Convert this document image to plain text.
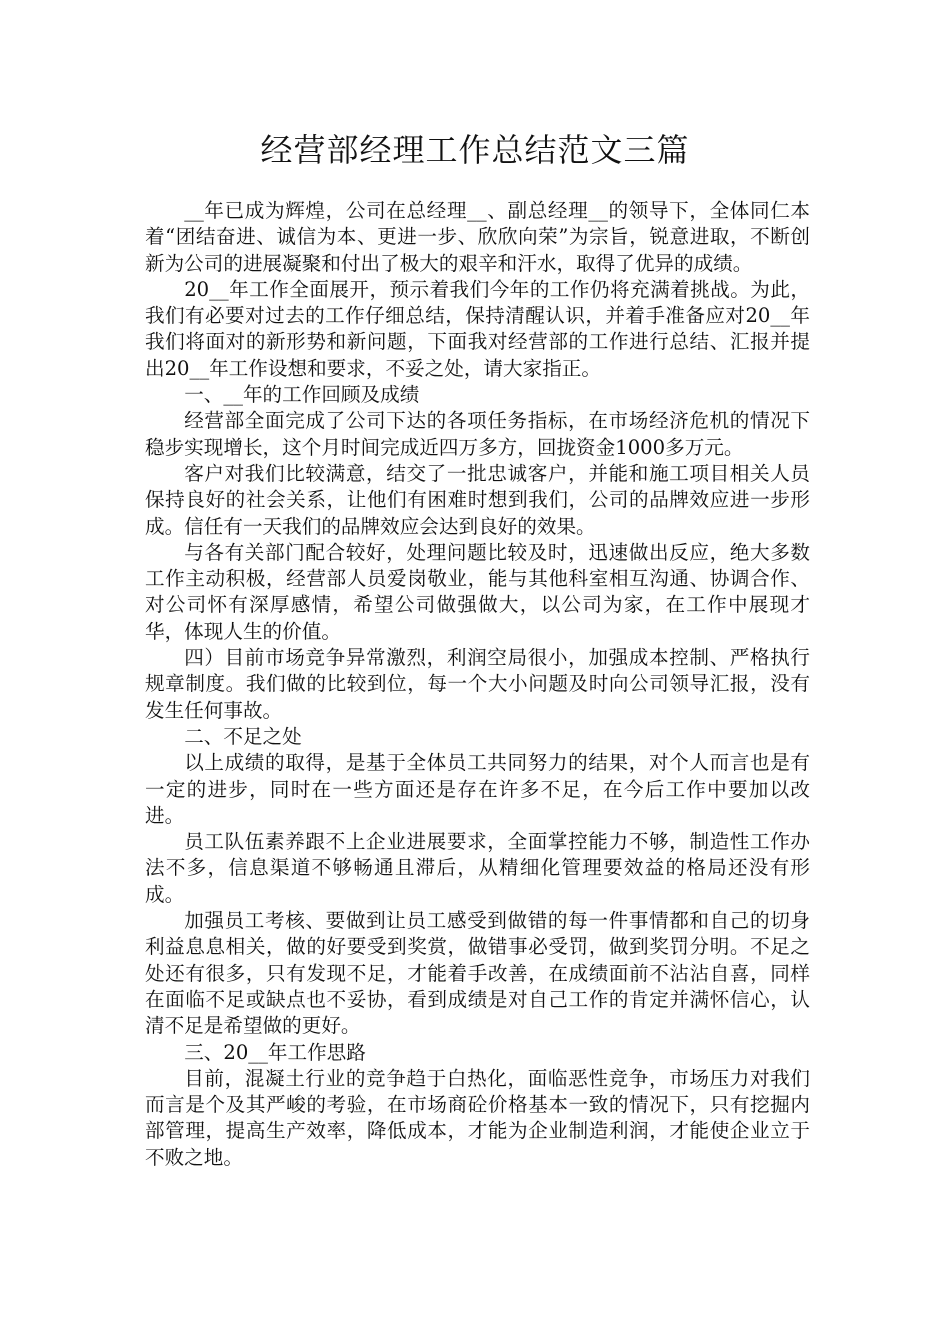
经营部经理工作总结范文三篇

__年已成为辉煌，公司在总经理__、副总经理__的领导下，全体同仁本着“团结奋进、诚信为本、更进一步、欣欣向荣”为宗旨，锐意进取，不断创新为公司的进展凝聚和付出了极大的艰辛和汗水，取得了优异的成绩。

20__年工作全面展开，预示着我们今年的工作仍将充满着挑战。为此，我们有必要对过去的工作仔细总结，保持清醒认识，并着手准备应对20__年我们将面对的新形势和新问题，下面我对经营部的工作进行总结、汇报并提出20__年工作设想和要求，不妥之处，请大家指正。

一、__年的工作回顾及成绩

经营部全面完成了公司下达的各项任务指标，在市场经济危机的情况下稳步实现增长，这个月时间完成近四万多方，回拢资金1000多万元。

客户对我们比较满意，结交了一批忠诚客户，并能和施工项目相关人员保持良好的社会关系，让他们有困难时想到我们，公司的品牌效应进一步形成。信任有一天我们的品牌效应会达到良好的效果。

与各有关部门配合较好，处理问题比较及时，迅速做出反应，绝大多数工作主动积极，经营部人员爱岗敬业，能与其他科室相互沟通、协调合作、对公司怀有深厚感情，希望公司做强做大，以公司为家，在工作中展现才华，体现人生的价值。

四）目前市场竞争异常激烈，利润空局很小，加强成本控制、严格执行规章制度。我们做的比较到位，每一个大小问题及时向公司领导汇报，没有发生任何事故。

二、不足之处

以上成绩的取得，是基于全体员工共同努力的结果，对个人而言也是有一定的进步，同时在一些方面还是存在许多不足，在今后工作中要加以改进。

员工队伍素养跟不上企业进展要求，全面掌控能力不够，制造性工作办法不多，信息渠道不够畅通且滞后，从精细化管理要效益的格局还没有形成。

加强员工考核、要做到让员工感受到做错的每一件事情都和自己的切身利益息息相关，做的好要受到奖赏，做错事必受罚，做到奖罚分明。不足之处还有很多，只有发现不足，才能着手改善，在成绩面前不沾沾自喜，同样在面临不足或缺点也不妥协，看到成绩是对自己工作的肯定并满怀信心，认清不足是希望做的更好。

三、20__年工作思路

目前，混凝土行业的竞争趋于白热化，面临恶性竞争，市场压力对我们而言是个及其严峻的考验，在市场商砼价格基本一致的情况下，只有挖掘内部管理，提高生产效率，降低成本，才能为企业制造利润，才能使企业立于不败之地。
